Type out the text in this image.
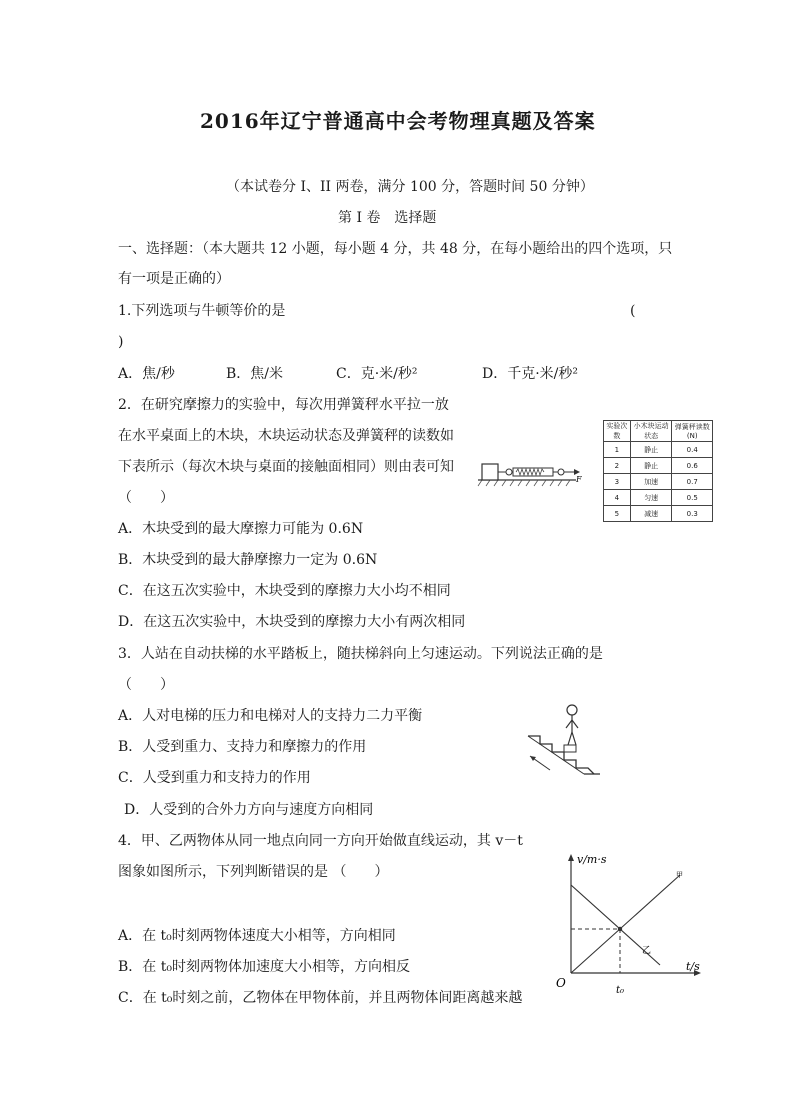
2016年辽宁普通高中会考物理真题及答案
（本试卷分 I、II 两卷，满分 100 分，答题时间 50 分钟）
第 I 卷　选择题
一、选择题：（本大题共 12 小题，每小题 4 分，共 48 分，在每小题给出的四个选项，只
有一项是正确的）
1.下列选项与牛顿等价的是	(
)
A．焦/秒	B．焦/米	C．克·米/秒²	D．千克·米/秒²
2．在研究摩擦力的实验中，每次用弹簧秤水平拉一放
在水平桌面上的木块，木块运动状态及弹簧秤的读数如
下表所示（每次木块与桌面的接触面相同）则由表可知
（　　）
A．木块受到的最大摩擦力可能为 0.6N
B．木块受到的最大静摩擦力一定为 0.6N
C．在这五次实验中，木块受到的摩擦力大小均不相同
D．在这五次实验中，木块受到的摩擦力大小有两次相同
F
实验次数	小木块运动状态	弹簧秤读数(N)
1	静止	0.4
2	静止	0.6
3	加速	0.7
4	匀速	0.5
5	减速	0.3
3．人站在自动扶梯的水平踏板上，随扶梯斜向上匀速运动。下列说法正确的是
（　　）
A．人对电梯的压力和电梯对人的支持力二力平衡
B．人受到重力、支持力和摩擦力的作用
C．人受到重力和支持力的作用
D．人受到的合外力方向与速度方向相同
4．甲、乙两物体从同一地点向同一方向开始做直线运动，其 v－t
图象如图所示，下列判断错误的是 （　　）
A．在 t₀时刻两物体速度大小相等，方向相同
B．在 t₀时刻两物体加速度大小相等，方向相反
C．在 t₀时刻之前，乙物体在甲物体前，并且两物体间距离越来越
v/m·s
t/s
O
t₀
甲
乙
